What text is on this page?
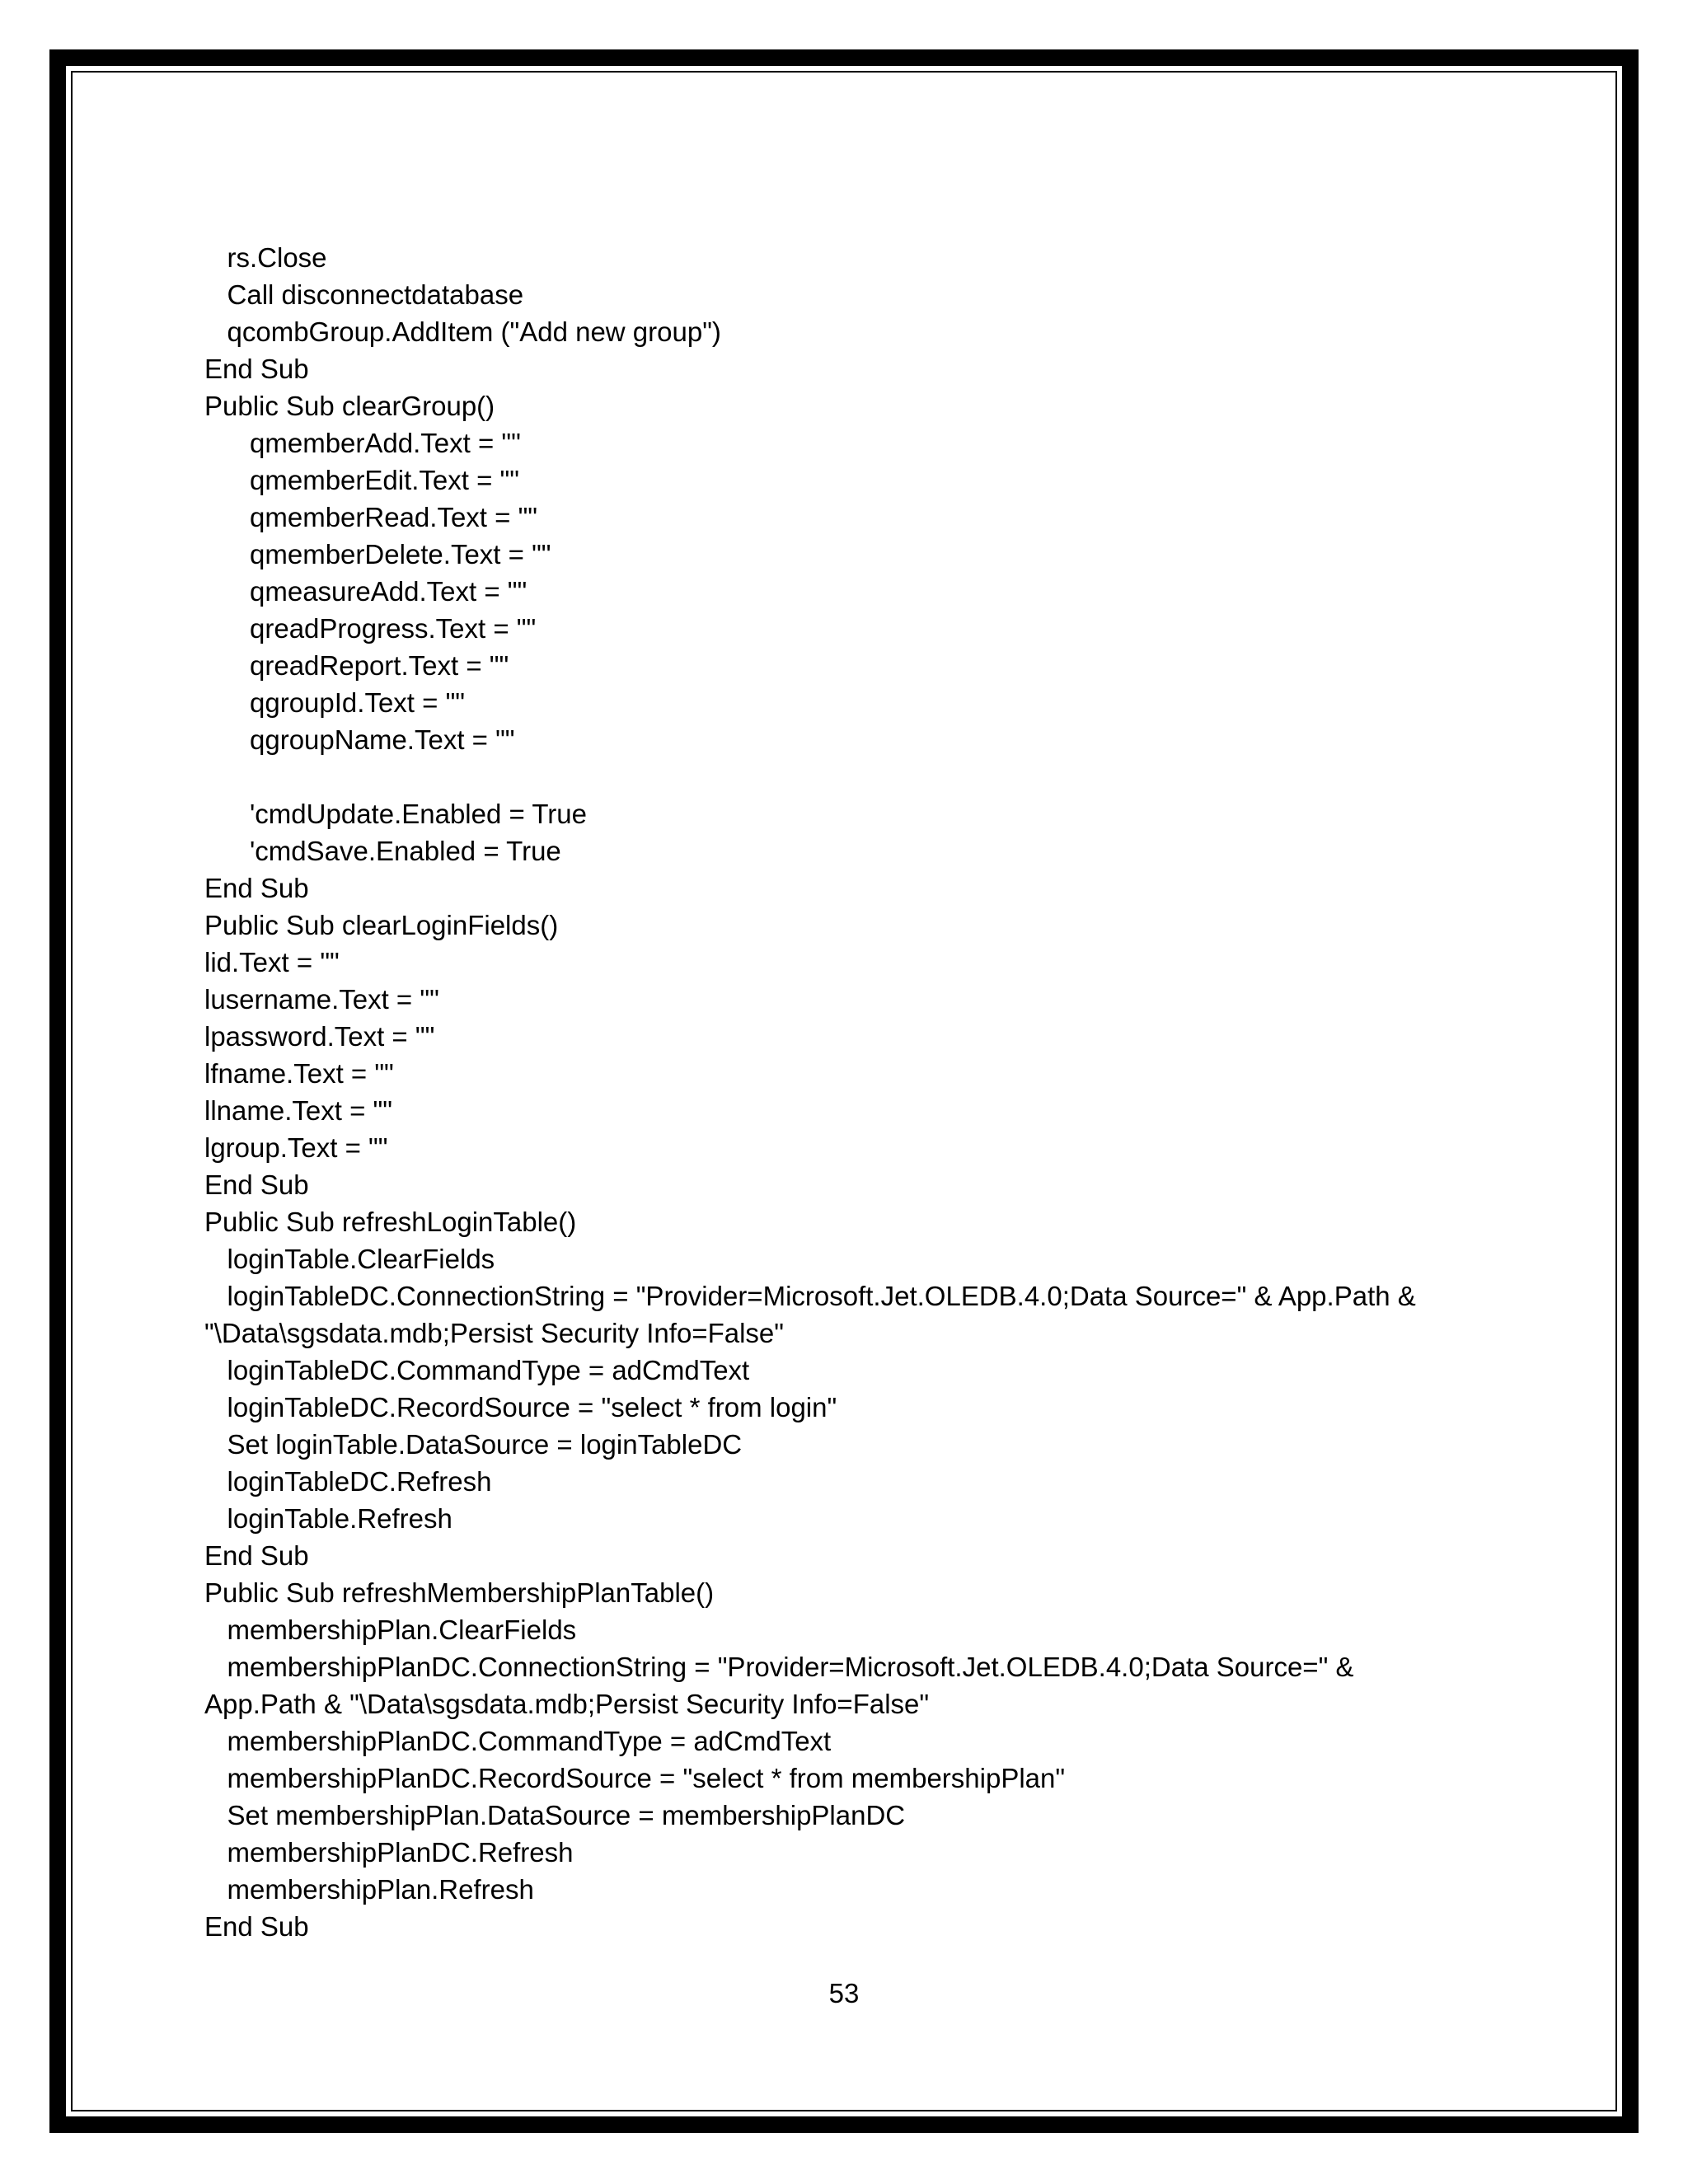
rs.Close
Call disconnectdatabase
qcombGroup.AddItem ("Add new group")
End Sub
Public Sub clearGroup()
qmemberAdd.Text = ""
qmemberEdit.Text = ""
qmemberRead.Text = ""
qmemberDelete.Text = ""
qmeasureAdd.Text = ""
qreadProgress.Text = ""
qreadReport.Text = ""
qgroupId.Text = ""
qgroupName.Text = ""
'cmdUpdate.Enabled = True
'cmdSave.Enabled = True
End Sub
Public Sub clearLoginFields()
lid.Text = ""
lusername.Text = ""
lpassword.Text = ""
lfname.Text = ""
llname.Text = ""
lgroup.Text = ""
End Sub
Public Sub refreshLoginTable()
loginTable.ClearFields
loginTableDC.ConnectionString = "Provider=Microsoft.Jet.OLEDB.4.0;Data Source=" & App.Path &
"\Data\sgsdata.mdb;Persist Security Info=False"
loginTableDC.CommandType = adCmdText
loginTableDC.RecordSource = "select * from login"
Set loginTable.DataSource = loginTableDC
loginTableDC.Refresh
loginTable.Refresh
End Sub
Public Sub refreshMembershipPlanTable()
membershipPlan.ClearFields
membershipPlanDC.ConnectionString = "Provider=Microsoft.Jet.OLEDB.4.0;Data Source=" &
App.Path & "\Data\sgsdata.mdb;Persist Security Info=False"
membershipPlanDC.CommandType = adCmdText
membershipPlanDC.RecordSource = "select * from membershipPlan"
Set membershipPlan.DataSource = membershipPlanDC
membershipPlanDC.Refresh
membershipPlan.Refresh
End Sub
53
